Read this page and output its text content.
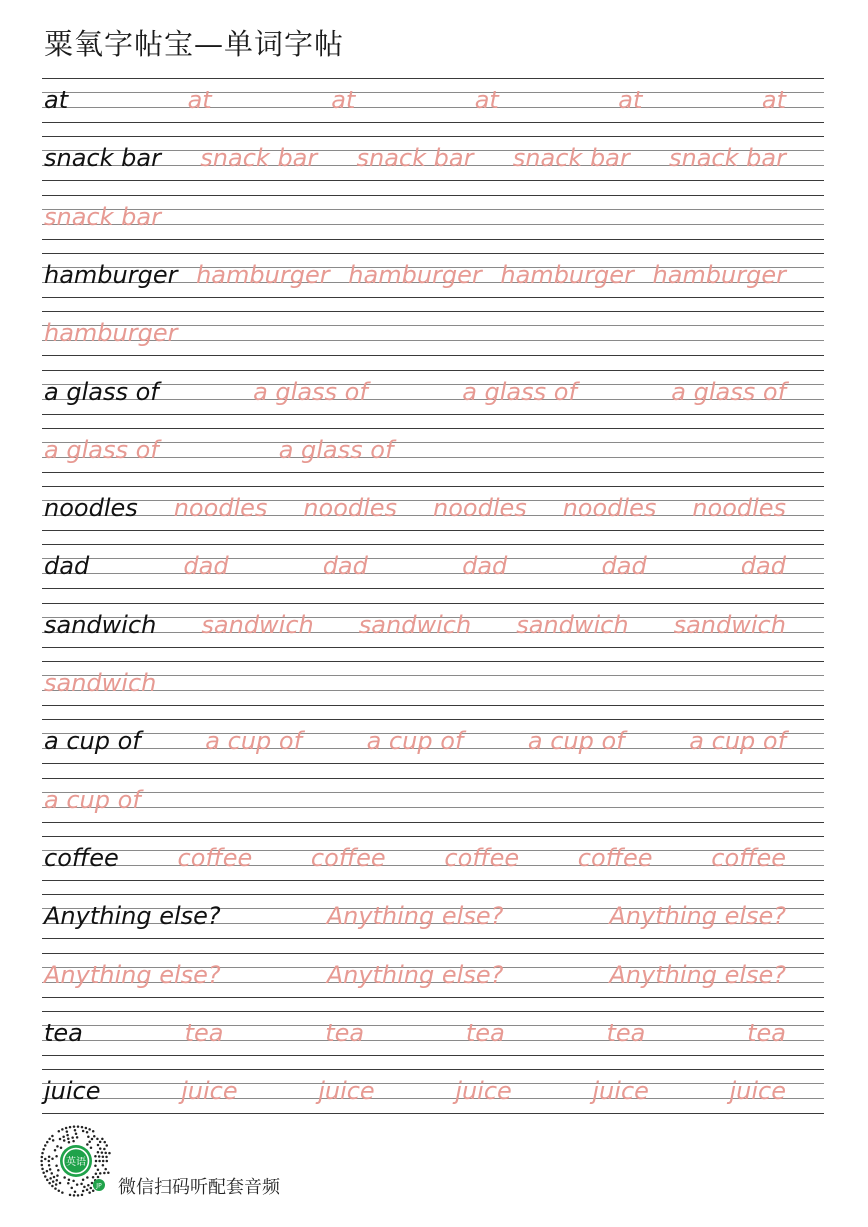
粟氧字帖宝—单词字帖
at	at	at	at	at	at
snack bar snack bar snack bar snack bar snack bar
snack bar
hamburger hamburger hamburger hamburger hamburger
hamburger
a glass of	a glass of	a glass of	a glass of
a glass of	a glass of
noodles noodles noodles noodles noodles noodles
dad	dad	dad	dad	dad	dad
sandwich sandwich sandwich sandwich sandwich
sandwich
a cup of	a cup of	a cup of	a cup of	a cup of
a cup of
coffee coffee coffee coffee coffee coffee
Anything else?	Anything else?	Anything else?
Anything else?	Anything else?	Anything else?
tea	tea	tea	tea	tea	tea
juice	juice	juice	juice	juice	juice
英语
JP 微信扫码听配套音频
